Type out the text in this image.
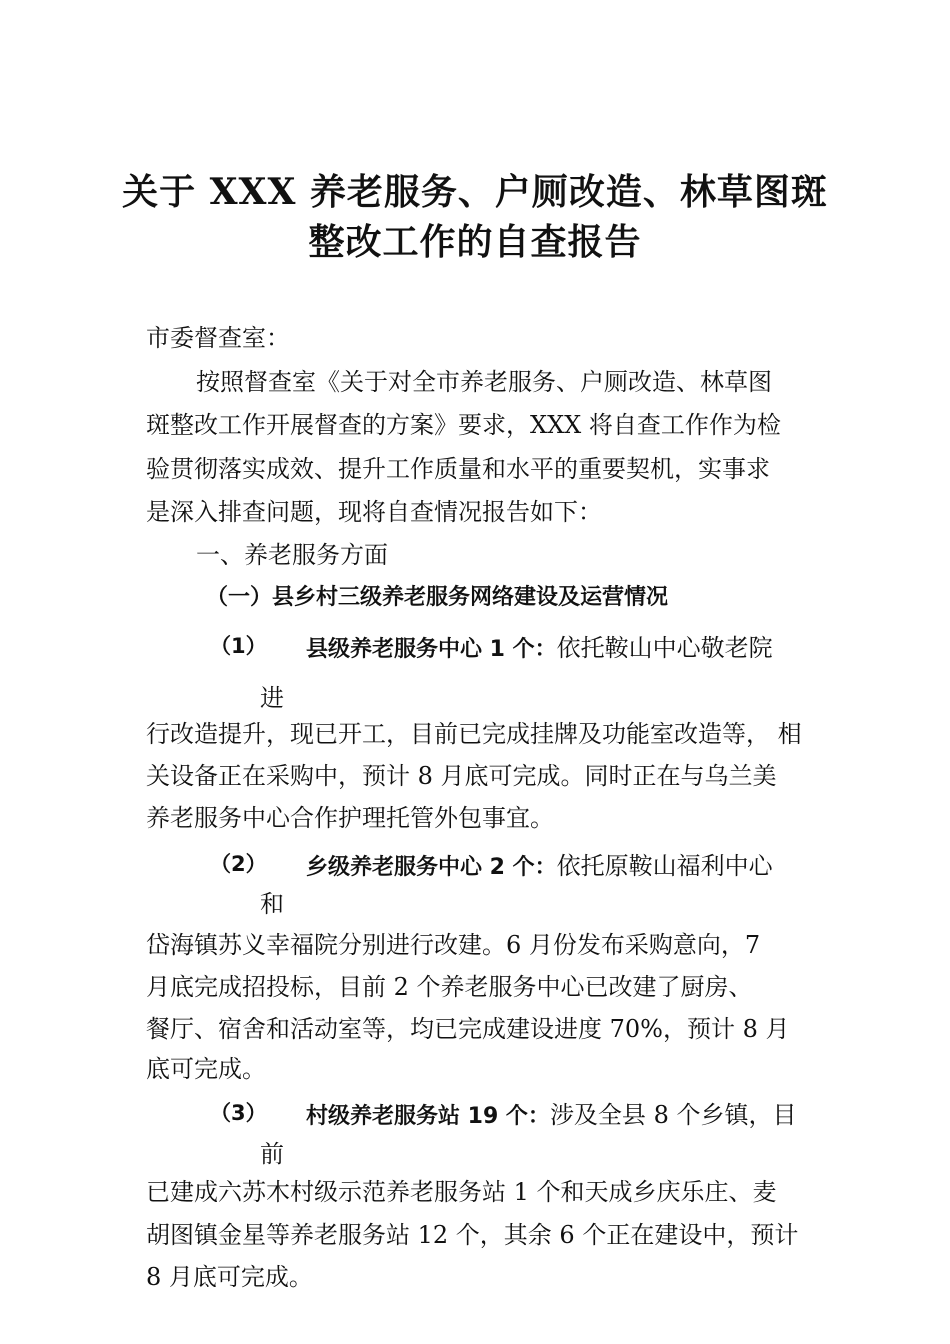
关于 XXX 养老服务、户厕改造、林草图斑
整改工作的自查报告
市委督查室：
按照督查室《关于对全市养老服务、户厕改造、林草图
斑整改工作开展督查的方案》要求，XXX 将自查工作作为检
验贯彻落实成效、提升工作质量和水平的重要契机，实事求
是深入排查问题，现将自查情况报告如下：
一、养老服务方面
（一）县乡村三级养老服务网络建设及运营情况
（1） 县级养老服务中心 1 个：依托鞍山中心敬老院
进
行改造提升，现已开工，目前已完成挂牌及功能室改造等， 相
关设备正在采购中，预计 8 月底可完成。同时正在与乌兰美
养老服务中心合作护理托管外包事宜。
（2） 乡级养老服务中心 2 个：依托原鞍山福利中心
和
岱海镇苏义幸福院分别进行改建。6 月份发布采购意向，7
月底完成招投标，目前 2 个养老服务中心已改建了厨房、
餐厅、宿舍和活动室等，均已完成建设进度 70%，预计 8 月
底可完成。
（3） 村级养老服务站 19 个：涉及全县 8 个乡镇，目
前
已建成六苏木村级示范养老服务站 1 个和天成乡庆乐庄、麦
胡图镇金星等养老服务站 12 个，其余 6 个正在建设中，预计
8 月底可完成。
